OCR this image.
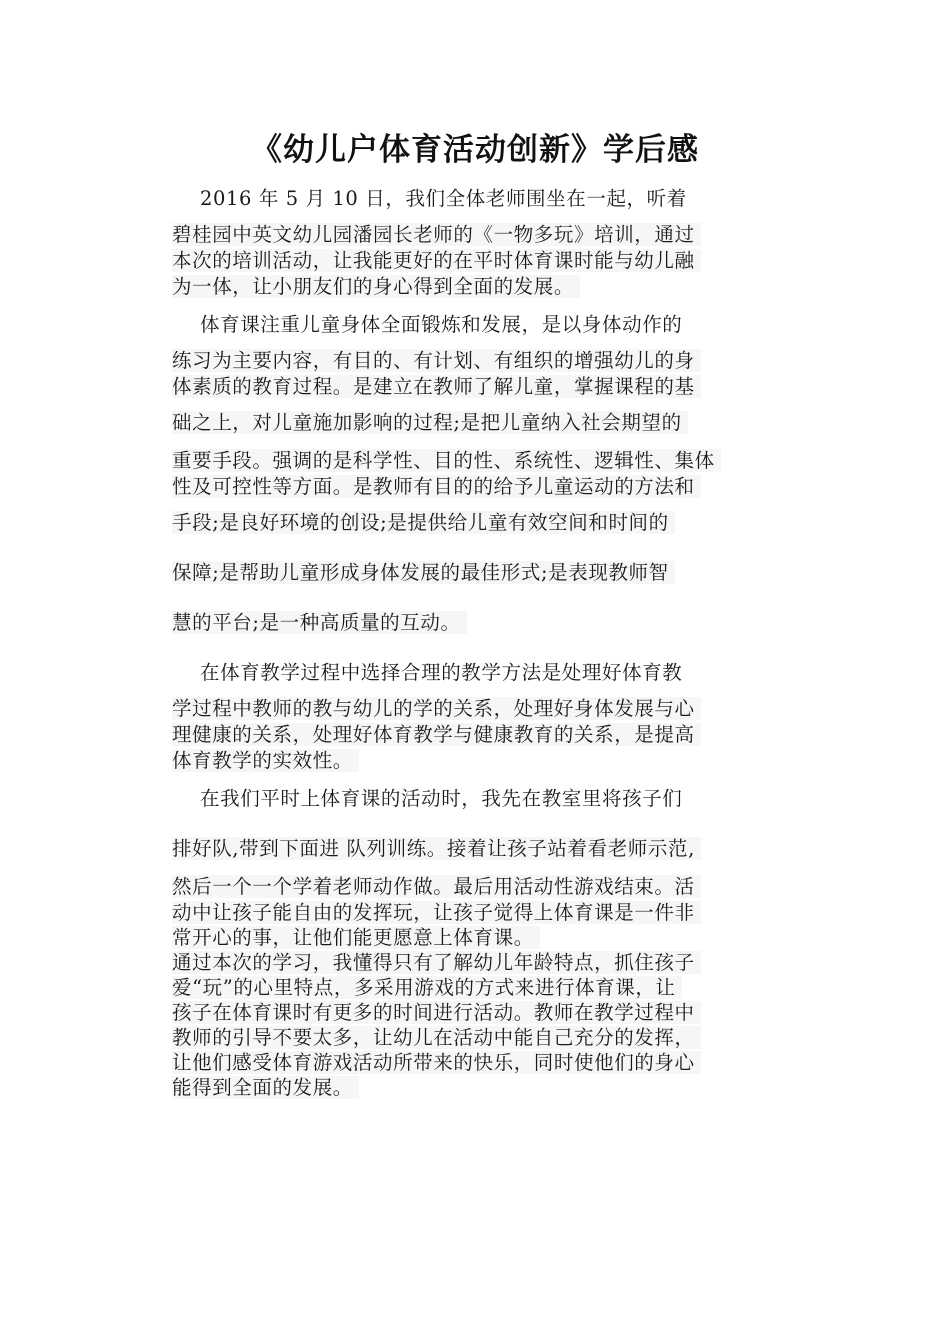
《幼儿户体育活动创新》学后感
2016 年 5 月 10 日，我们全体老师围坐在一起，听着
碧桂园中英文幼儿园潘园长老师的《一物多玩》培训，通过
本次的培训活动，让我能更好的在平时体育课时能与幼儿融
为一体，让小朋友们的身心得到全面的发展。
体育课注重儿童身体全面锻炼和发展，是以身体动作的
练习为主要内容，有目的、有计划、有组织的增强幼儿的身
体素质的教育过程。是建立在教师了解儿童，掌握课程的基
础之上，对儿童施加影响的过程;是把儿童纳入社会期望的
重要手段。强调的是科学性、目的性、系统性、逻辑性、集体
性及可控性等方面。是教师有目的的给予儿童运动的方法和
手段;是良好环境的创设;是提供给儿童有效空间和时间的
保障;是帮助儿童形成身体发展的最佳形式;是表现教师智
慧的平台;是一种高质量的互动。
在体育教学过程中选择合理的教学方法是处理好体育教
学过程中教师的教与幼儿的学的关系，处理好身体发展与心
理健康的关系，处理好体育教学与健康教育的关系，是提高
体育教学的实效性。
在我们平时上体育课的活动时，我先在教室里将孩子们
排好队,带到下面进 队列训练。接着让孩子站着看老师示范,
然后一个一个学着老师动作做。最后用活动性游戏结束。活
动中让孩子能自由的发挥玩，让孩子觉得上体育课是一件非
常开心的事，让他们能更愿意上体育课。
通过本次的学习，我懂得只有了解幼儿年龄特点，抓住孩子
爱“玩”的心里特点，多采用游戏的方式来进行体育课，让
孩子在体育课时有更多的时间进行活动。教师在教学过程中
教师的引导不要太多，让幼儿在活动中能自己充分的发挥，
让他们感受体育游戏活动所带来的快乐，同时使他们的身心
能得到全面的发展。
